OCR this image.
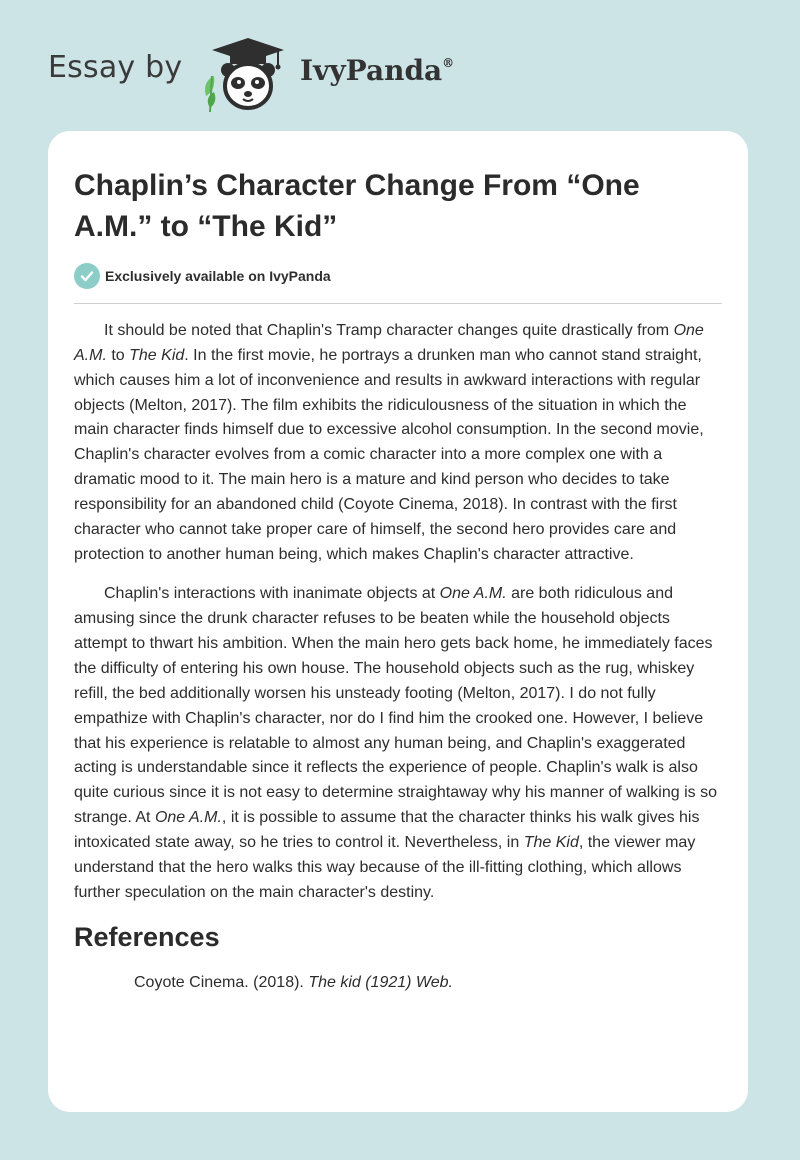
Essay by	IvyPanda®
Chaplin’s Character Change From “One A.M.” to “The Kid”
Exclusively available on IvyPanda

It should be noted that Chaplin's Tramp character changes quite drastically from One A.M. to The Kid. In the first movie, he portrays a drunken man who cannot stand straight, which causes him a lot of inconvenience and results in awkward interactions with regular objects (Melton, 2017). The film exhibits the ridiculousness of the situation in which the main character finds himself due to excessive alcohol consumption. In the second movie, Chaplin's character evolves from a comic character into a more complex one with a dramatic mood to it. The main hero is a mature and kind person who decides to take responsibility for an abandoned child (Coyote Cinema, 2018). In contrast with the first character who cannot take proper care of himself, the second hero provides care and protection to another human being, which makes Chaplin's character attractive.

Chaplin's interactions with inanimate objects at One A.M. are both ridiculous and amusing since the drunk character refuses to be beaten while the household objects attempt to thwart his ambition. When the main hero gets back home, he immediately faces the difficulty of entering his own house. The household objects such as the rug, whiskey refill, the bed additionally worsen his unsteady footing (Melton, 2017). I do not fully empathize with Chaplin's character, nor do I find him the crooked one. However, I believe that his experience is relatable to almost any human being, and Chaplin's exaggerated acting is understandable since it reflects the experience of people. Chaplin's walk is also quite curious since it is not easy to determine straightaway why his manner of walking is so strange. At One A.M., it is possible to assume that the character thinks his walk gives his intoxicated state away, so he tries to control it. Nevertheless, in The Kid, the viewer may understand that the hero walks this way because of the ill-fitting clothing, which allows further speculation on the main character's destiny.

References

Coyote Cinema. (2018). The kid (1921) Web.
